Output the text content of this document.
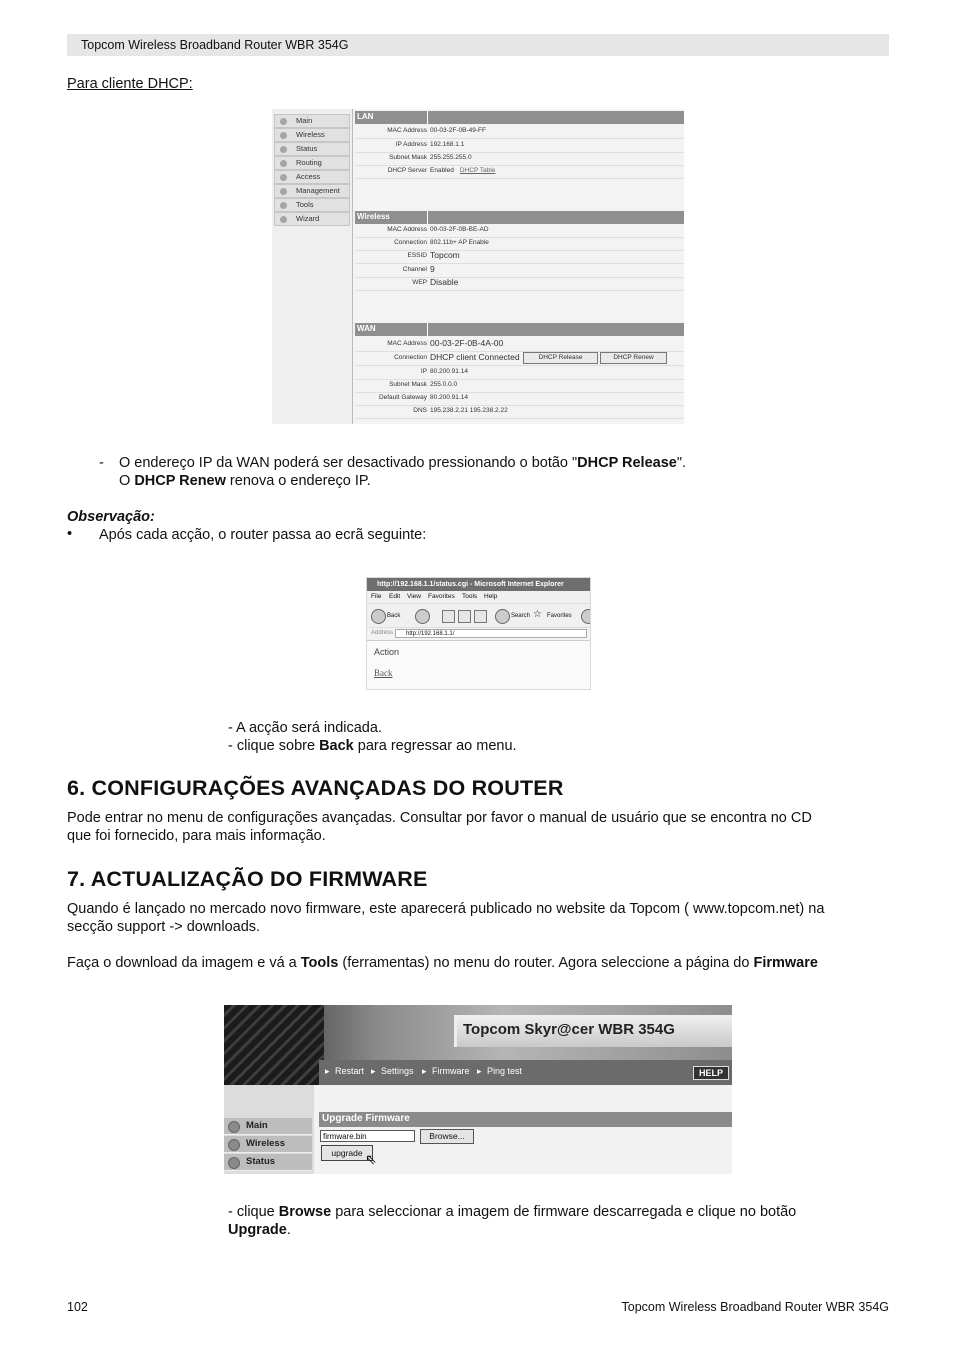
Topcom Wireless Broadband Router WBR 354G
Para cliente DHCP:
Main
Wireless
Status
Routing
Access
Management
Tools
Wizard
LAN
MAC Address 00-03-2F-0B-49-FF
IP Address 192.168.1.1
Subnet Mask 255.255.255.0
DHCP Server Enabled DHCP Table
Wireless
MAC Address 00-03-2F-0B-BE-AD
Connection 802.11b+ AP Enable
ESSID Topcom
Channel 9
WEP Disable
WAN
MAC Address 00-03-2F-0B-4A-00
Connection DHCP client Connected	DHCP Release	DHCP Renew
IP 80.200.91.14
Subnet Mask 255.0.0.0
Default Gateway 80.200.91.14
DNS 195.238.2.21 195.238.2.22
- O endereço IP da WAN poderá ser desactivado pressionando o botão "DHCP Release".
O DHCP Renew renova o endereço IP.
Observação:
• Após cada acção, o router passa ao ecrã seguinte:
http://192.168.1.1/status.cgi - Microsoft Internet Explorer
File Edit View Favorites Tools Help
Back	Search ☆ Favorites
Address	http://192.168.1.1/
Action
Back
- A acção será indicada.
- clique sobre Back para regressar ao menu.
6. CONFIGURAÇÕES AVANÇADAS DO ROUTER
Pode entrar no menu de configurações avançadas. Consultar por favor o manual de usuário que se encontra no CD
que foi fornecido, para mais informação.
7. ACTUALIZAÇÃO DO FIRMWARE
Quando é lançado no mercado novo firmware, este aparecerá publicado no website da Topcom ( www.topcom.net) na
secção support -> downloads.
Faça o download da imagem e vá a Tools (ferramentas) no menu do router. Agora seleccione a página do Firmware
Topcom Skyr@cer WBR 354G
▸ Restart ▸ Settings ▸ Firmware ▸ Ping test	HELP
Main
Wireless
Status
Upgrade Firmware
firmware.bin	Browse...
upgrade ⇖
- clique Browse para seleccionar a imagem de firmware descarregada e clique no botão
Upgrade.
102	Topcom Wireless Broadband Router WBR 354G
